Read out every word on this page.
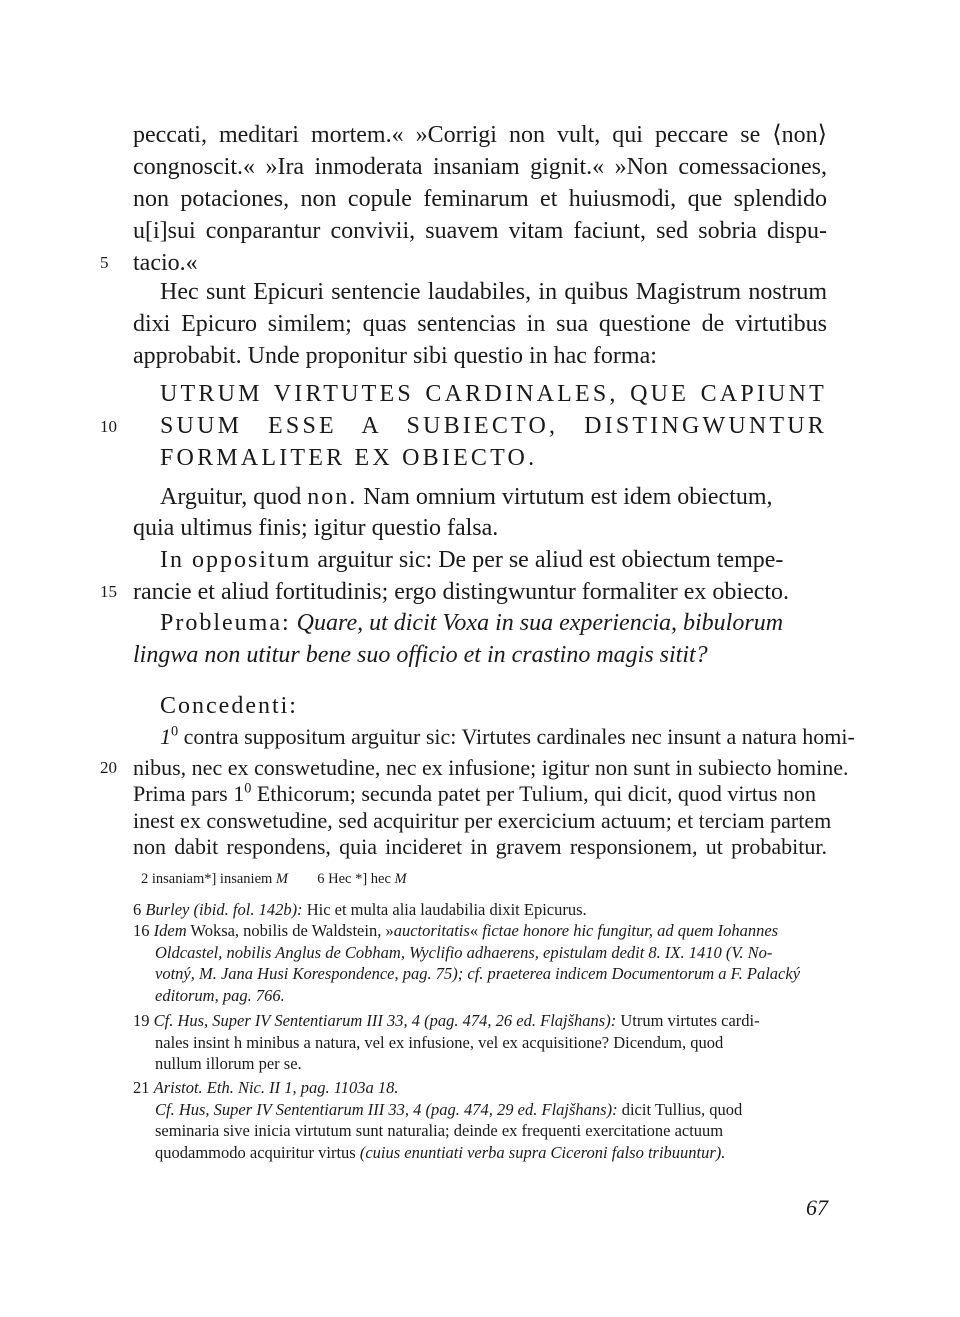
peccati, meditari mortem.« »Corrigi non vult, qui peccare se ⟨non⟩
congnoscit.« »Ira inmoderata insaniam gignit.« »Non comessaciones,
non potaciones, non copule feminarum et huiusmodi, que splendido
u[i]sui conparantur convivii, suavem vitam faciunt, sed sobria dispu-
5	tacio.«
Hec sunt Epicuri sentencie laudabiles, in quibus Magistrum nostrum
dixi Epicuro similem; quas sentencias in sua questione de virtutibus
approbabit. Unde proponitur sibi questio in hac forma:
UTRUM VIRTUTES CARDINALES, QUE CAPIUNT
10	SUUM ESSE A SUBIECTO, DISTINGWUNTUR
FORMALITER EX OBIECTO.
Arguitur, quod non. Nam omnium virtutum est idem obiectum,
quia ultimus finis; igitur questio falsa.
In oppositum arguitur sic: De per se aliud est obiectum tempe-
15 rancie et aliud fortitudinis; ergo distingwuntur formaliter ex obiecto.
Probleuma: Quare, ut dicit Voxa in sua experiencia, bibulorum
lingwa non utitur bene suo officio et in crastino magis sitit?
Concedenti:
$1^0$ contra suppositum arguitur sic: Virtutes cardinales nec insunt a natura homi-
20 nibus, nec ex conswetudine, nec ex infusione; igitur non sunt in subiecto homine.
Prima pars $1^0$ Ethicorum; secunda patet per Tulium, qui dicit, quod virtus non
inest ex conswetudine, sed acquiritur per exercicium actuum; et terciam partem
non dabit respondens, quia incideret in gravem responsionem, ut probabitur.
2 insaniam*] insaniem M 6 Hec *] hec M
6 Burley (ibid. fol. 142b): Hic et multa alia laudabilia dixit Epicurus.
16 Idem Woksa, nobilis de Waldstein, »auctoritatis« fictae honore hic fungitur, ad quem Iohannes
Oldcastel, nobilis Anglus de Cobham, Wyclifio adhaerens, epistulam dedit 8. IX. 1410 (V. No-
votný, M. Jana Husi Korespondence, pag. 75); cf. praeterea indicem Documentorum a F. Palacký
editorum, pag. 766.
19 Cf. Hus, Super IV Sententiarum III 33, 4 (pag. 474, 26 ed. Flajšhans): Utrum virtutes cardi-
nales insint h minibus a natura, vel ex infusione, vel ex acquisitione? Dicendum, quod
nullum illorum per se.
21 Aristot. Eth. Nic. II 1, pag. 1103a 18.
Cf. Hus, Super IV Sententiarum III 33, 4 (pag. 474, 29 ed. Flajšhans): dicit Tullius, quod
seminaria sive inicia virtutum sunt naturalia; deinde ex frequenti exercitatione actuum
quodammodo acquiritur virtus (cuius enuntiati verba supra Ciceroni falso tribuuntur).
67
